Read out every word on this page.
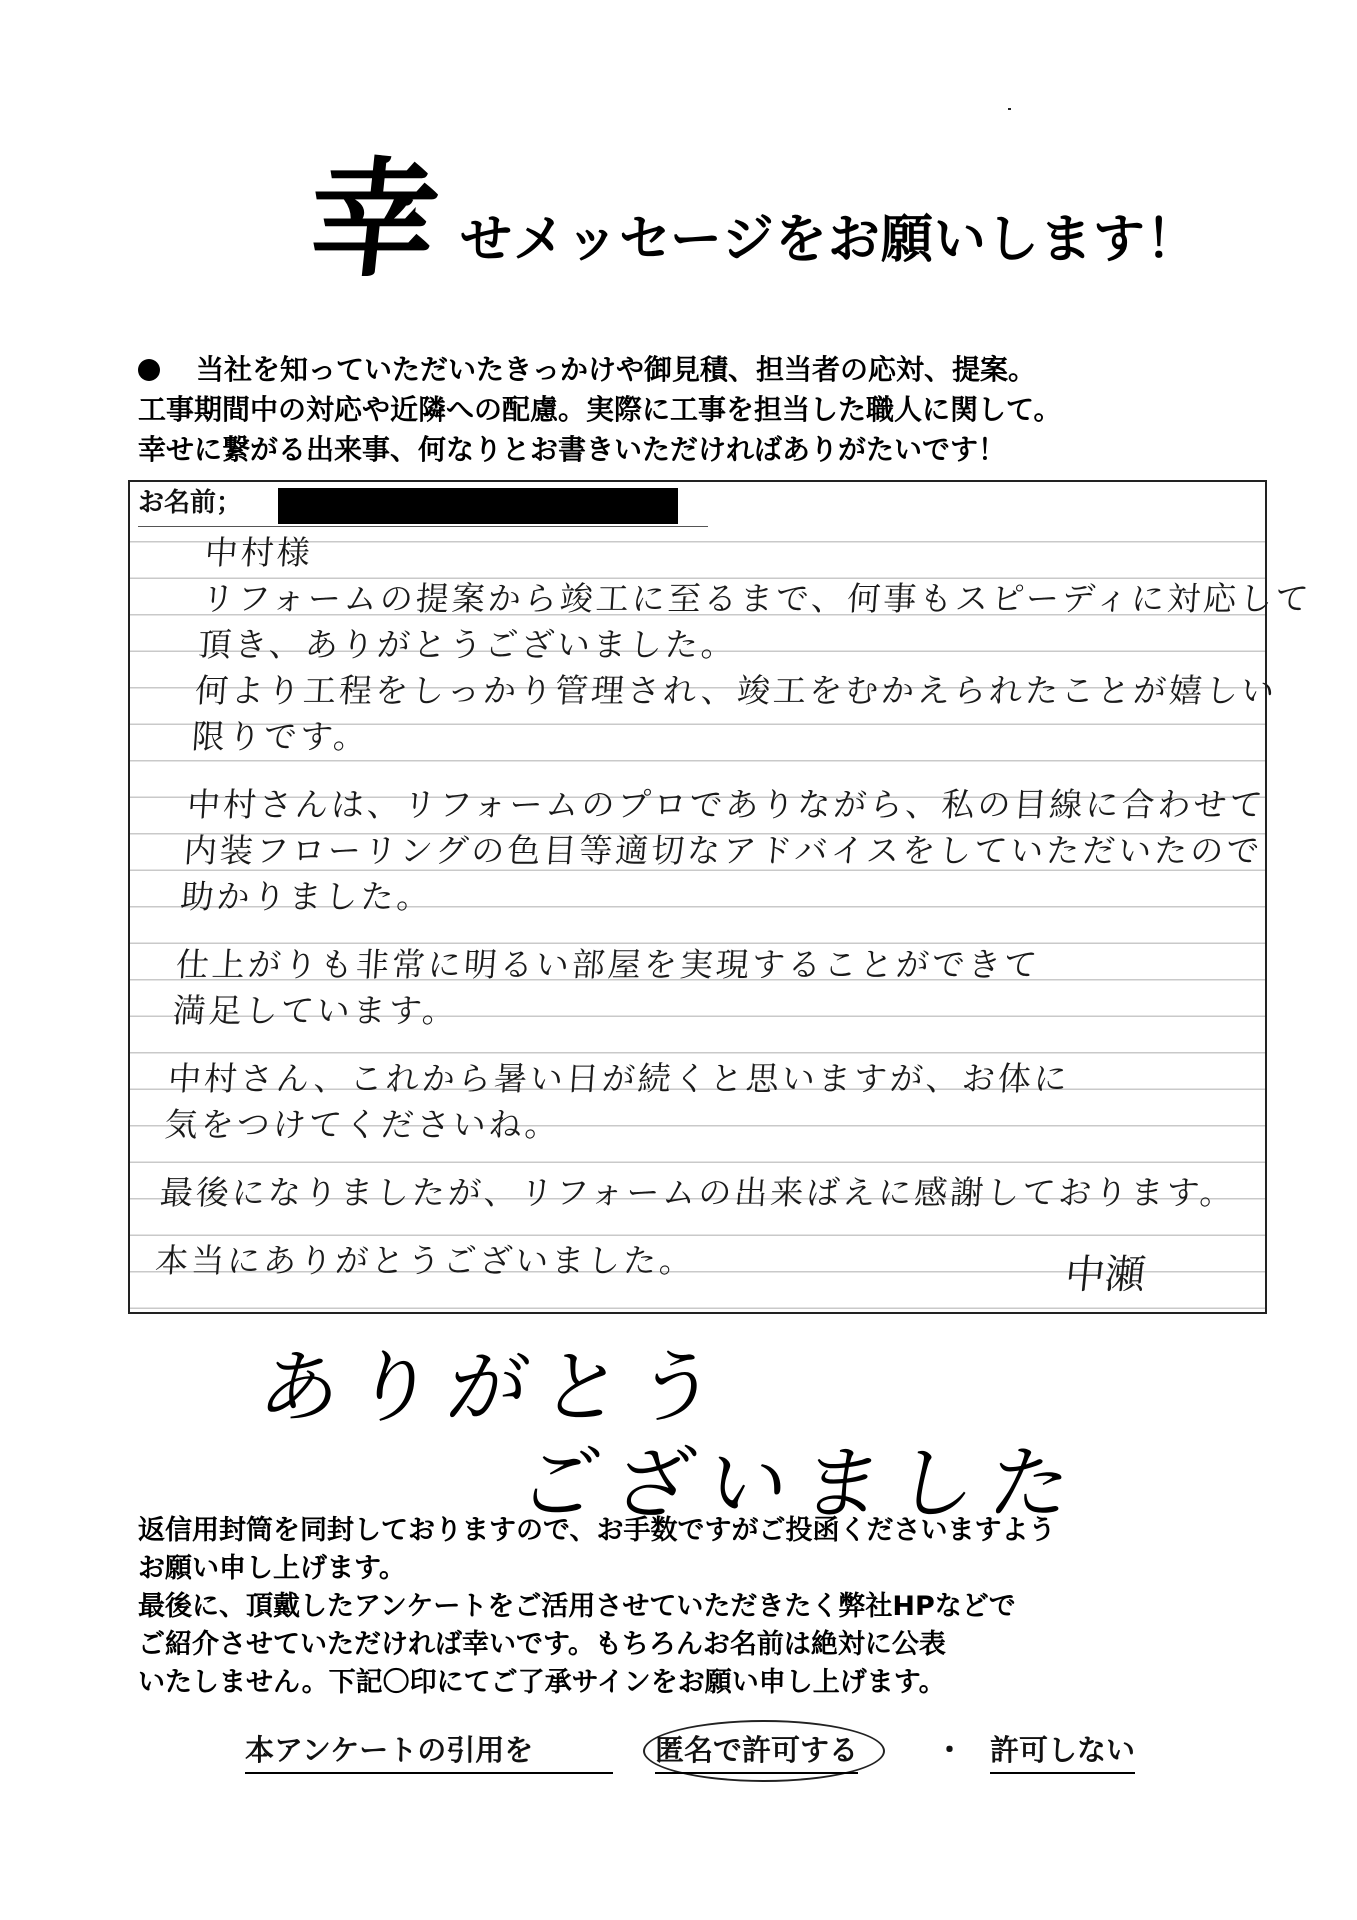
幸 せメッセージをお願いします！
当社を知っていただいたきっかけや御見積、担当者の応対、提案。
工事期間中の対応や近隣への配慮。実際に工事を担当した職人に関して。
幸せに繋がる出来事、何なりとお書きいただければありがたいです！
お名前；
中村様
リフォームの提案から竣工に至るまで、何事もスピーディに対応して
頂き、ありがとうございました。
何より工程をしっかり管理され、竣工をむかえられたことが嬉しい
限りです。
中村さんは、リフォームのプロでありながら、私の目線に合わせて
内装フローリングの色目等適切なアドバイスをしていただいたので
助かりました。
仕上がりも非常に明るい部屋を実現することができて
満足しています。
中村さん、これから暑い日が続くと思いますが、お体に
気をつけてくださいね。
最後になりましたが、リフォームの出来ばえに感謝しております。
本当にありがとうございました。	中瀬
ありがとう
ございました
返信用封筒を同封しておりますので、お手数ですがご投函くださいますよう
お願い申し上げます。
最後に、頂戴したアンケートをご活用させていただきたく弊社HPなどで
ご紹介させていただければ幸いです。もちろんお名前は絶対に公表
いたしません。下記〇印にてご了承サインをお願い申し上げます。
本アンケートの引用を	匿名で許可する	・ 許可しない
